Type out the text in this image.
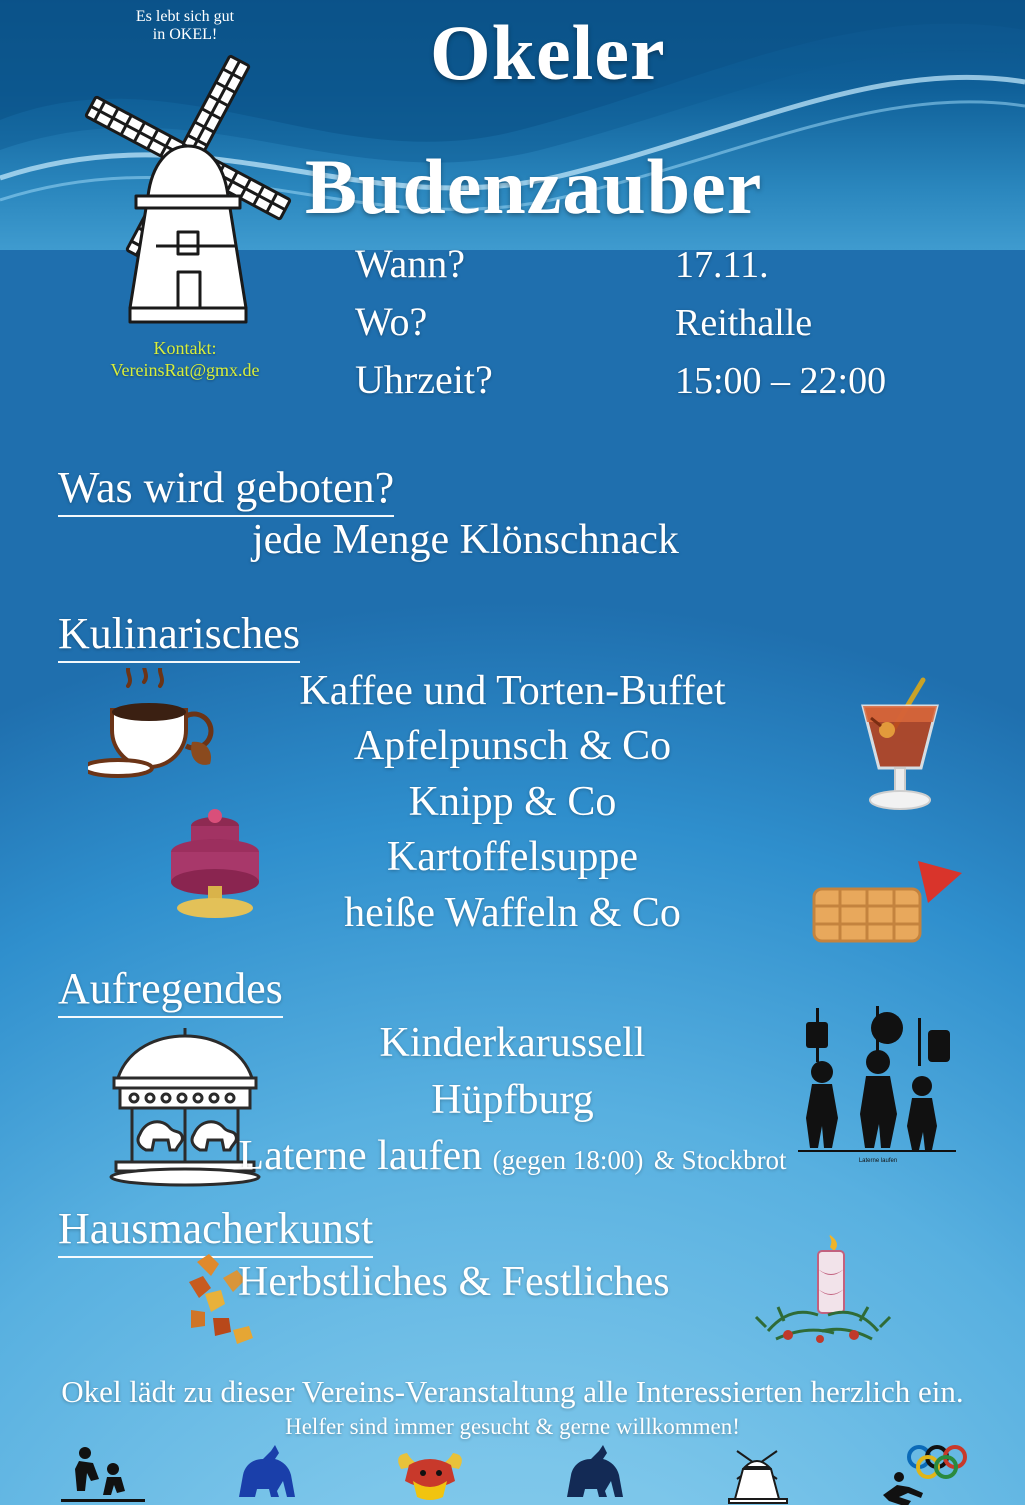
Es lebt sich gut
in OKEL!
Kontakt:
VereinsRat@gmx.de
Okeler
Budenzauber
Wann?	17.11.
Wo?	Reithalle
Uhrzeit?	15:00 – 22:00
Was wird geboten?
jede Menge Klönschnack
Kulinarisches
Kaffee und Torten-Buffet
Apfelpunsch & Co
Knipp & Co
Kartoffelsuppe
heiße Waffeln & Co
Aufregendes
Laterne laufen
Kinderkarussell
Hüpfburg
Laterne laufen (gegen 18:00) & Stockbrot
Hausmacherkunst
Herbstliches & Festliches
Okel lädt zu dieser Vereins-Veranstaltung alle Interessierten herzlich ein.
Helfer sind immer gesucht & gerne willkommen!
